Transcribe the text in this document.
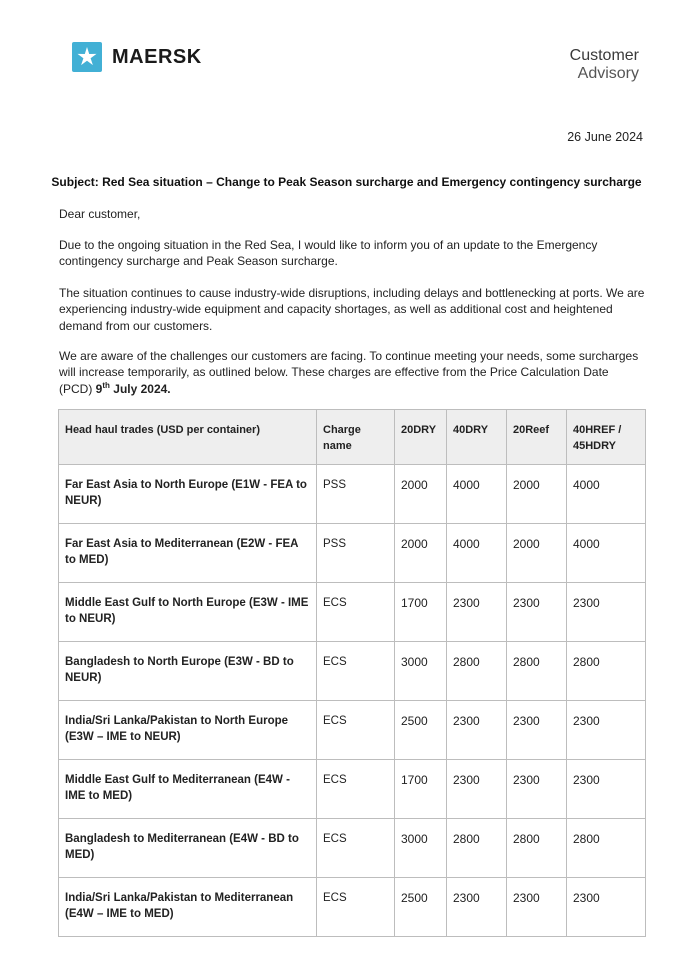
MAERSK	Customer
Advisory
26 June 2024
Subject: Red Sea situation – Change to Peak Season surcharge and Emergency contingency surcharge
Dear customer,
Due to the ongoing situation in the Red Sea, I would like to inform you of an update to the Emergency contingency surcharge and Peak Season surcharge.
The situation continues to cause industry-wide disruptions, including delays and bottlenecking at ports. We are experiencing industry-wide equipment and capacity shortages, as well as additional cost and heightened demand from our customers.
We are aware of the challenges our customers are facing. To continue meeting your needs, some surcharges will increase temporarily, as outlined below. These charges are effective from the Price Calculation Date (PCD) 9th July 2024.
Head haul trades (USD per container)	Charge name	20DRY	40DRY	20Reef	40HREF / 45HDRY
Far East Asia to North Europe (E1W - FEA to NEUR)	PSS	2000	4000	2000	4000
Far East Asia to Mediterranean (E2W - FEA to MED)	PSS	2000	4000	2000	4000
Middle East Gulf to North Europe (E3W - IME to NEUR)	ECS	1700	2300	2300	2300
Bangladesh to North Europe (E3W - BD to NEUR)	ECS	3000	2800	2800	2800
India/Sri Lanka/Pakistan to North Europe (E3W – IME to NEUR)	ECS	2500	2300	2300	2300
Middle East Gulf to Mediterranean (E4W - IME to MED)	ECS	1700	2300	2300	2300
Bangladesh to Mediterranean (E4W - BD to MED)	ECS	3000	2800	2800	2800
India/Sri Lanka/Pakistan to Mediterranean (E4W – IME to MED)	ECS	2500	2300	2300	2300
